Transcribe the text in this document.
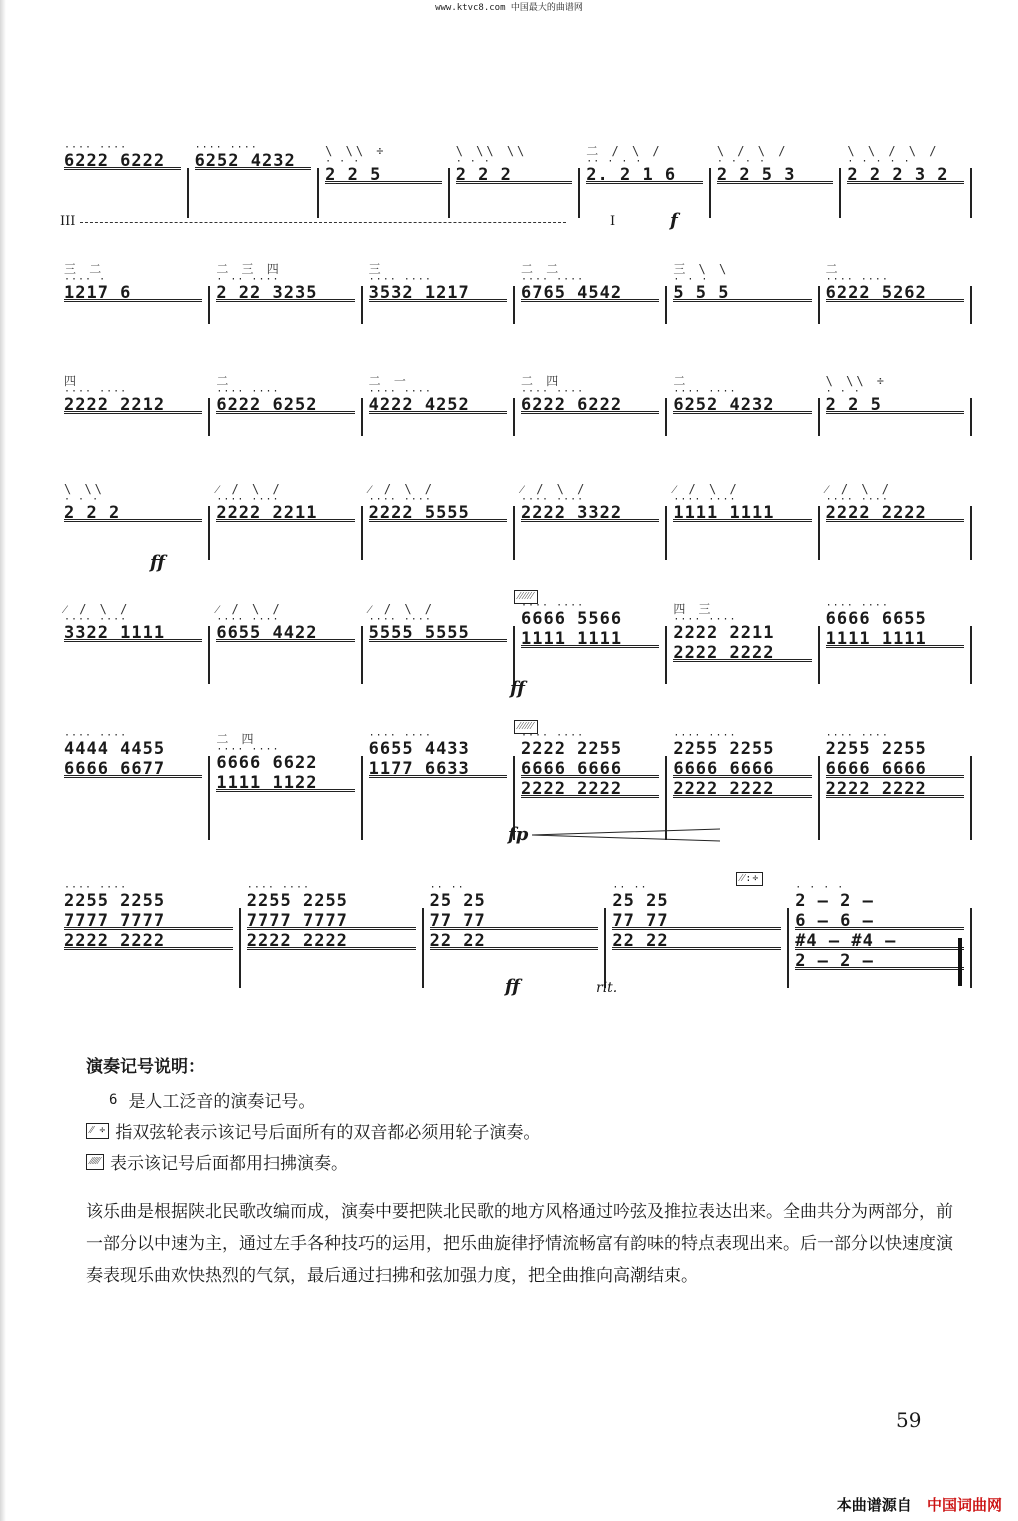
www.ktvc8.com 中国最大的曲谱网
···· ····
6222 6222
···· ····
6252 4232	\ \\ ÷
· · ·
2 2 5
\ \\ \\
· · ·
2 2 2
二 / \ /
·· · · ·
2. 2 1 6
\ / \ /
· · · ·
2 2 5 3
\ \ / \ /
· · · · ·
2 2 2 3 2
III	I	f
三 二
···· ·
1217 6
二 三 四
· ·· ····
2 22 3235
三
···· ····
3532 1217
二 二
···· ····
6765 4542
三 \ \
· · ·
5 5 5
二
···· ····
6222 5262
四
···· ····
2222 2212
二
···· ····
6222 6252
二 一
···· ····
4222 4252
二 四
···· ····
6222 6222
二
···· ····
6252 4232
\ \\ ÷
· · ·
2 2 5
\ \\
· · ·
2 2 2
⁄ / \ /
···· ····
2222 2211
⁄ / \ /
···· ····
2222 5555
⁄ / \ /
···· ····
2222 3322
⁄ / \ /
···· ····
1111 1111
⁄ / \ /
···· ····
2222 2222
ff
⁄ / \ /
···· ····
3322 1111
⁄ / \ /
···· ····
6655 4422
⁄ / \ /
···· ····
5555 5555
···· ····
6666 5566
1111 1111
四 三
···· ····
2222 2211
2222 2222
···· ····
6666 6655
1111 1111
ff
⁄⁄⁄⁄⁄⁄
···· ····
4444 4455
6666 6677
二 四
···· ····
6666 6622
1111 1122
···· ····
6655 4433
1177 6633
···· ····
2222 2255
6666 6666
2222 2222
···· ····
2255 2255
6666 6666
2222 2222
···· ····
2255 2255
6666 6666
2222 2222
fp
⁄⁄⁄⁄⁄⁄
···· ····
2255 2255
7777 7777
2222 2222
···· ····
2255 2255
7777 7777
2222 2222
·· ··
25 25
77 77
22 22
·· ··
25 25
77 77
22 22
· · · ·
2 – 2 –
6 – 6 –
#4 – #4 –
2 – 2 –
ff	rit.
⁄⁄:÷
演奏记号说明：
6 是人工泛音的演奏记号。
⁄⁄ ÷ 指双弦轮表示该记号后面所有的双音都必须用轮子演奏。
⁄⁄⁄⁄⁄⁄ 表示该记号后面都用扫拂演奏。
该乐曲是根据陕北民歌改编而成，演奏中要把陕北民歌的地方风格通过吟弦及推拉表达出来。全曲共分为两部分，前一部分以中速为主，通过左手各种技巧的运用，把乐曲旋律抒情流畅富有韵味的特点表现出来。后一部分以快速度演奏表现乐曲欢快热烈的气氛，最后通过扫拂和弦加强力度，把全曲推向高潮结束。
59
本曲谱源自 中国词曲网
